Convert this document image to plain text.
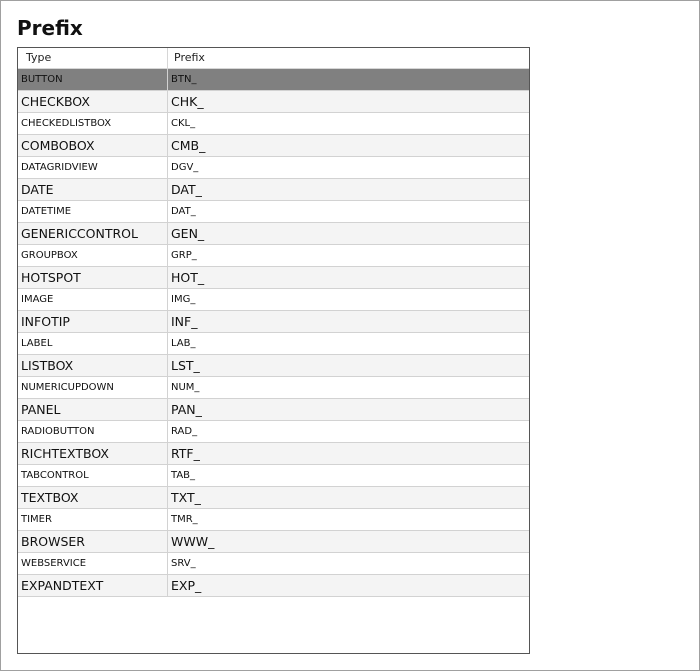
Prefix
Type	Prefix
BUTTON	BTN_
CHECKBOX	CHK_
CHECKEDLISTBOX	CKL_
COMBOBOX	CMB_
DATAGRIDVIEW	DGV_
DATE	DAT_
DATETIME	DAT_
GENERICCONTROL	GEN_
GROUPBOX	GRP_
HOTSPOT	HOT_
IMAGE	IMG_
INFOTIP	INF_
LABEL	LAB_
LISTBOX	LST_
NUMERICUPDOWN	NUM_
PANEL	PAN_
RADIOBUTTON	RAD_
RICHTEXTBOX	RTF_
TABCONTROL	TAB_
TEXTBOX	TXT_
TIMER	TMR_
BROWSER	WWW_
WEBSERVICE	SRV_
EXPANDTEXT	EXP_
